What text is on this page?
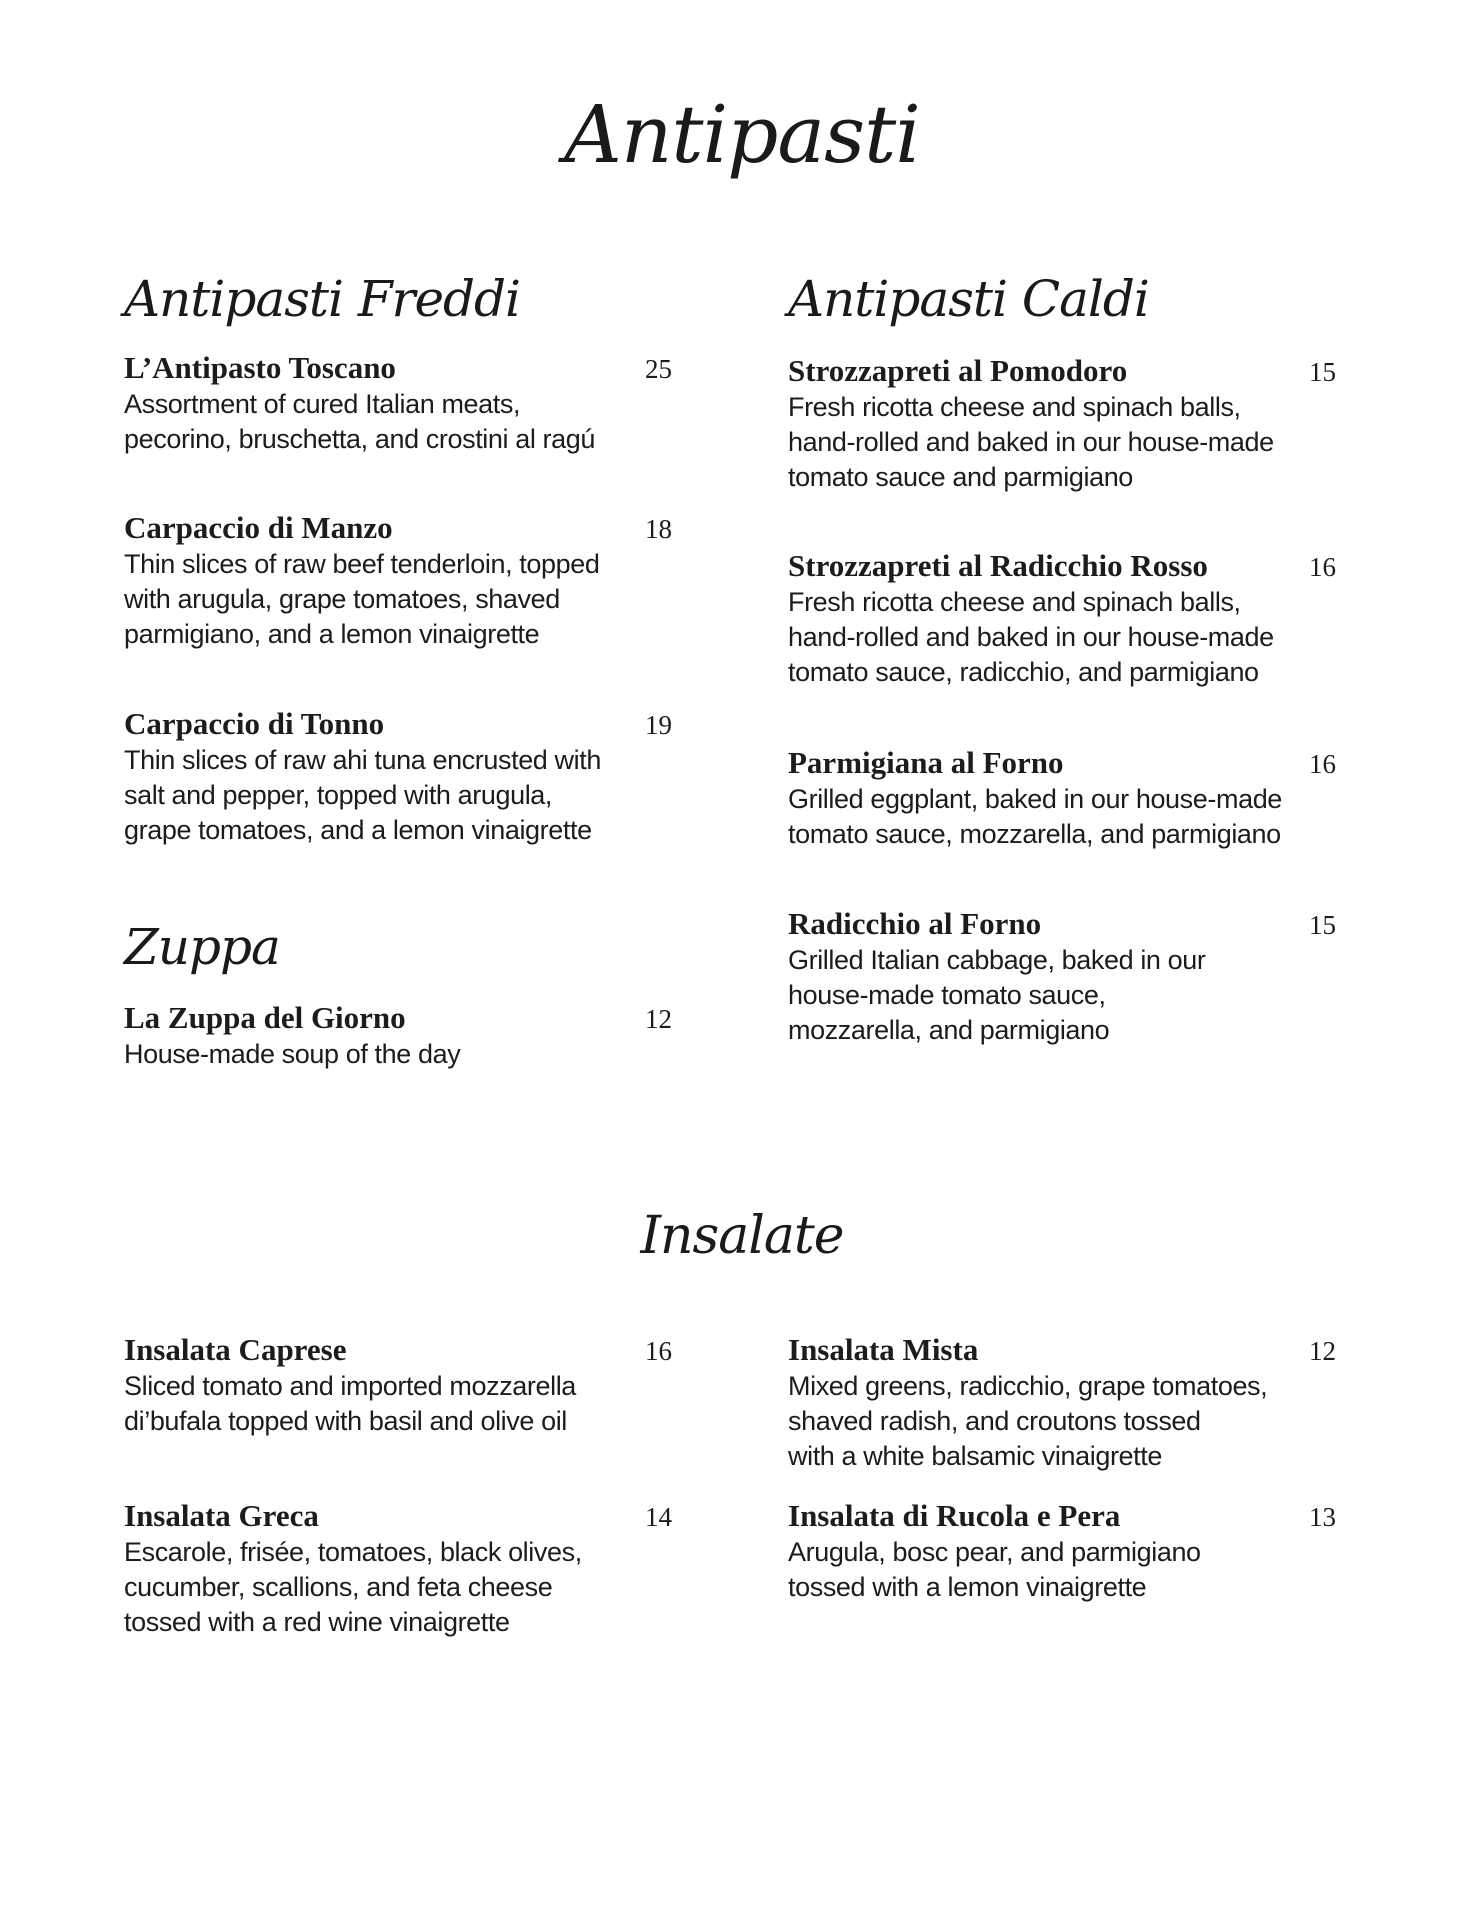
Antipasti
Antipasti Freddi	Antipasti Caldi
Zuppa
Insalate
L’Antipasto Toscano	25
Assortment of cured Italian meats,
pecorino, bruschetta, and crostini al ragú
Carpaccio di Manzo	18
Thin slices of raw beef tenderloin, topped
with arugula, grape tomatoes, shaved
parmigiano, and a lemon vinaigrette
Carpaccio di Tonno	19
Thin slices of raw ahi tuna encrusted with
salt and pepper, topped with arugula,
grape tomatoes, and a lemon vinaigrette
La Zuppa del Giorno	12
House-made soup of the day
Strozzapreti al Pomodoro	15
Fresh ricotta cheese and spinach balls,
hand-rolled and baked in our house-made
tomato sauce and parmigiano
Strozzapreti al Radicchio Rosso	16
Fresh ricotta cheese and spinach balls,
hand-rolled and baked in our house-made
tomato sauce, radicchio, and parmigiano
Parmigiana al Forno	16
Grilled eggplant, baked in our house-made
tomato sauce, mozzarella, and parmigiano
Radicchio al Forno	15
Grilled Italian cabbage, baked in our
house-made tomato sauce,
mozzarella, and parmigiano
Insalata Caprese	16
Sliced tomato and imported mozzarella
di’bufala topped with basil and olive oil
Insalata Greca	14
Escarole, frisée, tomatoes, black olives,
cucumber, scallions, and feta cheese
tossed with a red wine vinaigrette
Insalata Mista	12
Mixed greens, radicchio, grape tomatoes,
shaved radish, and croutons tossed
with a white balsamic vinaigrette
Insalata di Rucola e Pera	13
Arugula, bosc pear, and parmigiano
tossed with a lemon vinaigrette
